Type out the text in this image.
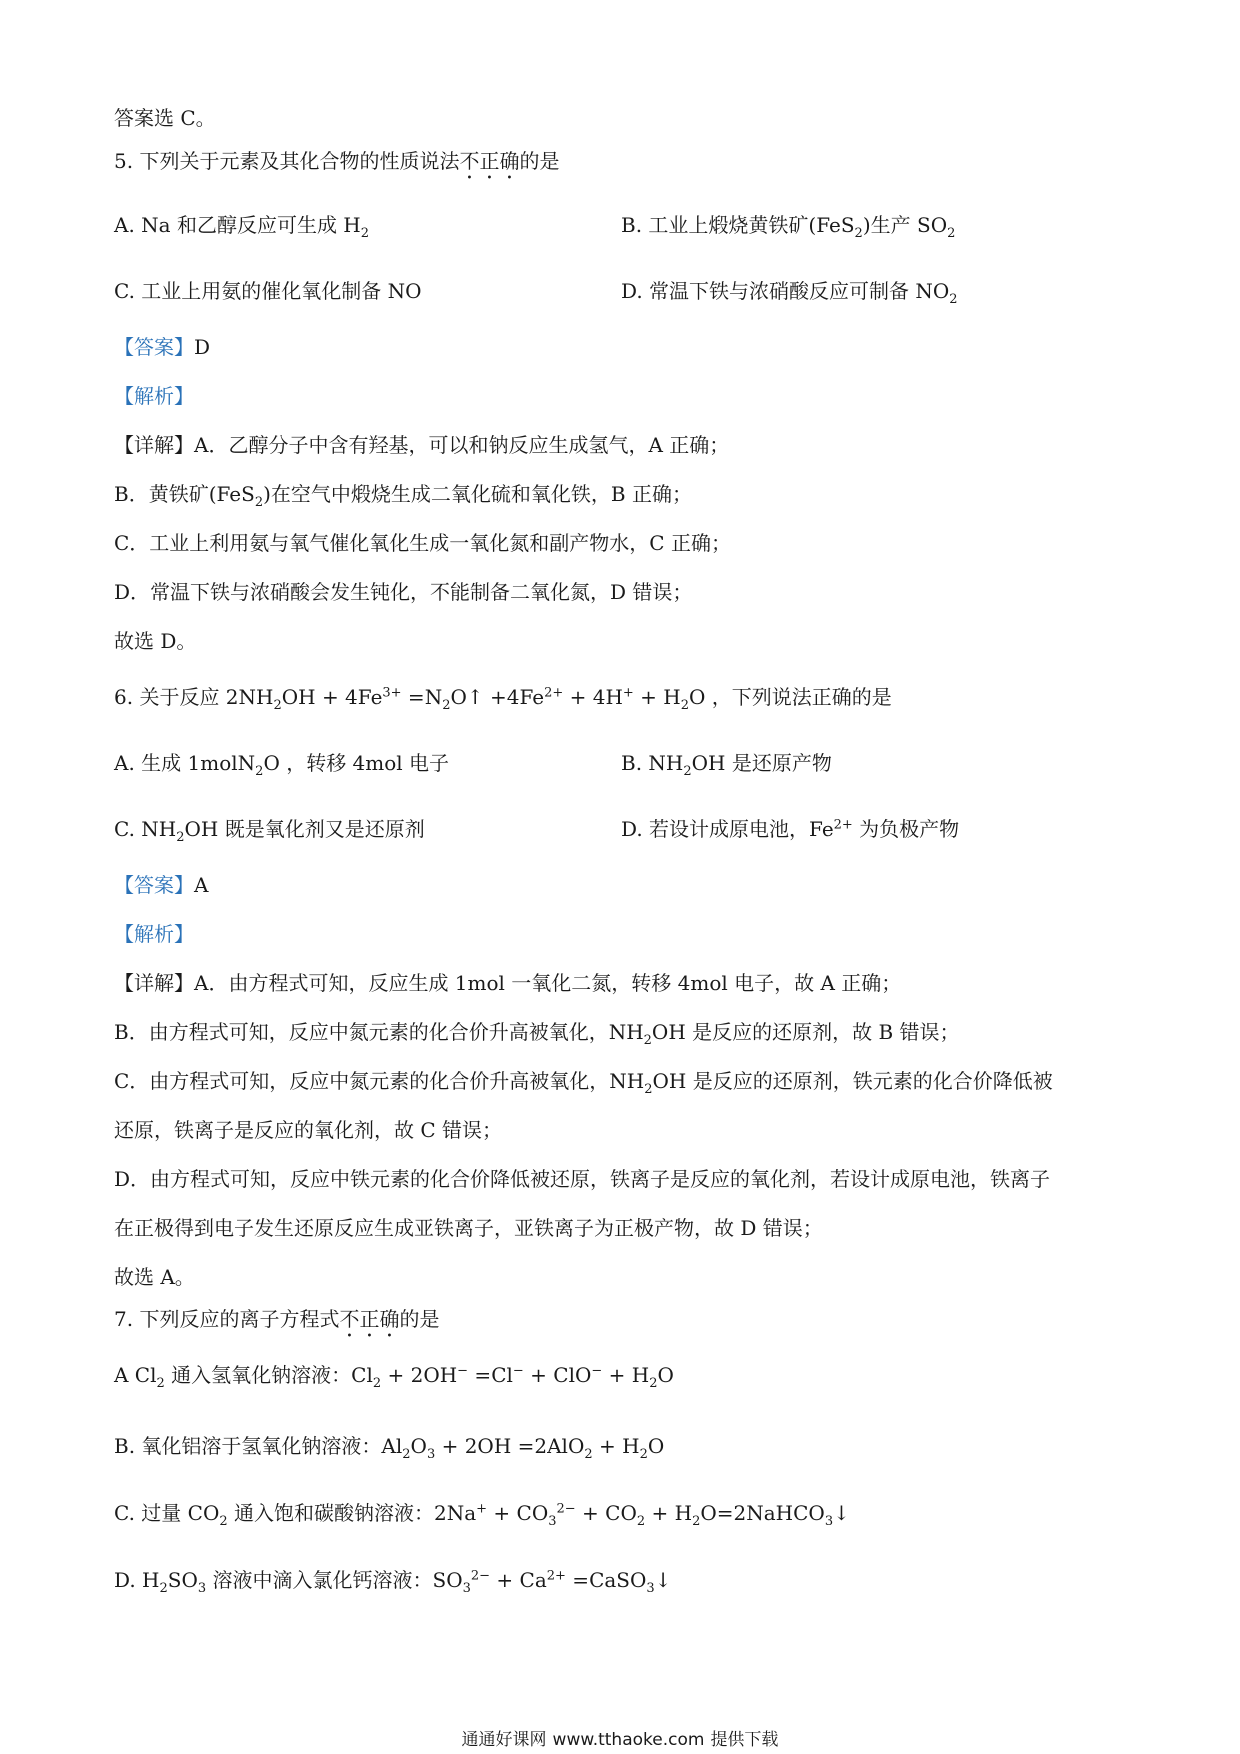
答案选 C。
5. 下列关于元素及其化合物的性质说法不正确的是
A. Na 和乙醇反应可生成 $H_2$	B. 工业上煅烧黄铁矿(FeS$_2$)生产 $SO_2$
C. 工业上用氨的催化氧化制备 NO	D. 常温下铁与浓硝酸反应可制备 $NO_2$
【答案】D
【解析】
【详解】A．乙醇分子中含有羟基，可以和钠反应生成氢气，A 正确；
B．黄铁矿(FeS$_2$)在空气中煅烧生成二氧化硫和氧化铁，B 正确；
C．工业上利用氨与氧气催化氧化生成一氧化氮和副产物水，C 正确；
D．常温下铁与浓硝酸会发生钝化，不能制备二氧化氮，D 错误；
故选 D。
6. 关于反应 $2NH_2OH + 4Fe^{3+}$ $=N_2O↑ +4Fe^{2+} + 4H^+ + H_2O$ ，下列说法正确的是
A. 生成 1molN$_2$O ，转移 4mol 电子	B. $NH_2OH$ 是还原产物
C. $NH_2OH$ 既是氧化剂又是还原剂	D. 若设计成原电池，$Fe^{2+}$ 为负极产物
【答案】A
【解析】
【详解】A．由方程式可知，反应生成 1mol 一氧化二氮，转移 4mol 电子，故 A 正确；
B．由方程式可知，反应中氮元素的化合价升高被氧化，$NH_2OH$ 是反应的还原剂，故 B 错误；
C．由方程式可知，反应中氮元素的化合价升高被氧化，$NH_2OH$ 是反应的还原剂，铁元素的化合价降低被
还原，铁离子是反应的氧化剂，故 C 错误；
D．由方程式可知，反应中铁元素的化合价降低被还原，铁离子是反应的氧化剂，若设计成原电池，铁离子
在正极得到电子发生还原反应生成亚铁离子，亚铁离子为正极产物，故 D 错误；
故选 A。
7. 下列反应的离子方程式不正确的是
A $Cl_2$ 通入氢氧化钠溶液：$Cl_2 + 2OH^- =Cl^- + ClO^- + H_2O$
B. 氧化铝溶于氢氧化钠溶液：$Al_2O_3 + 2OH =2AlO_2 + H_2O$
C. 过量 $CO_2$ 通入饱和碳酸钠溶液：$2Na^+ + CO_3^{2-} + CO_2$ + $H_2O=2NaHCO_3↓$
D. $H_2SO_3$ 溶液中滴入氯化钙溶液：$SO_3^{2-} + Ca^{2+}$ =CaSO$_3$↓
通通好课网 www.tthaoke.com 提供下载
